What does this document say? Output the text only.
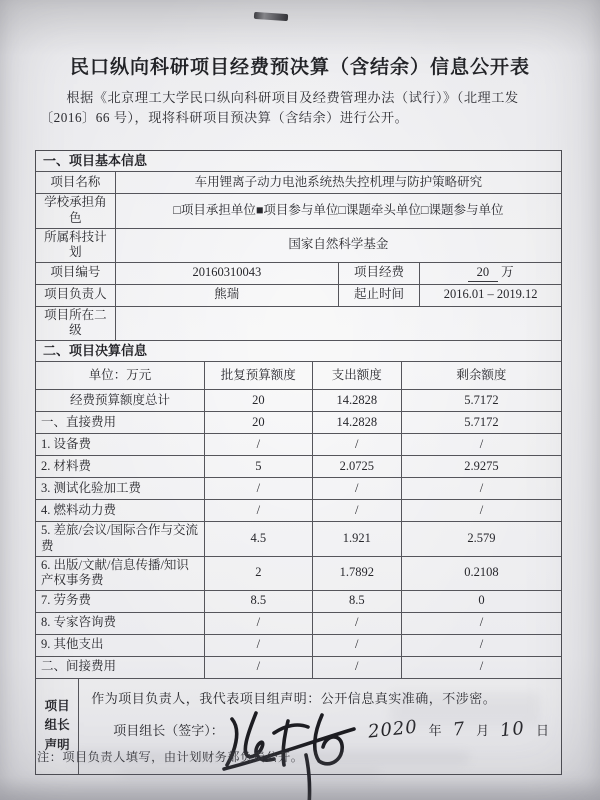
民口纵向科研项目经费预决算（含结余）信息公开表

根据《北京理工大学民口纵向科研项目及经费管理办法（试行）》（北理工发〔2016〕66 号），现将科研项目预决算（含结余）进行公开。

一、项目基本信息
项目名称	车用锂离子动力电池系统热失控机理与防护策略研究
学校承担角色
□项目承担单位■项目参与单位□课题牵头单位□课题参与单位
所属科技计划
国家自然科学基金
项目编号	20160310043	项目经费	20 万
项目负责人	熊瑞	起止时间	2016.01 – 2019.12
项目所在二级
二、项目决算信息
单位：万元	批复预算额度	支出额度	剩余额度
经费预算额度总计	20	14.2828	5.7172
一、直接费用	20	14.2828	5.7172
1. 设备费	/	/	/
2. 材料费	5	2.0725	2.9275
3. 测试化验加工费	/	/	/
4. 燃料动力费	/	/	/
5. 差旅/会议/国际合作与交流费
4.5	1.921	2.579
6. 出版/文献/信息传播/知识产权事务费
2	1.7892	0.2108
7. 劳务费	8.5	8.5	0
8. 专家咨询费	/	/	/
9. 其他支出	/	/	/
二、间接费用	/	/	/
项目
组长
声明
作为项目负责人，我代表项目组声明：公开信息真实准确，不涉密。
项目组长（签字）：	2020 年 7 月 10 日

注：项目负责人填写，由计划财务部负责公开。
